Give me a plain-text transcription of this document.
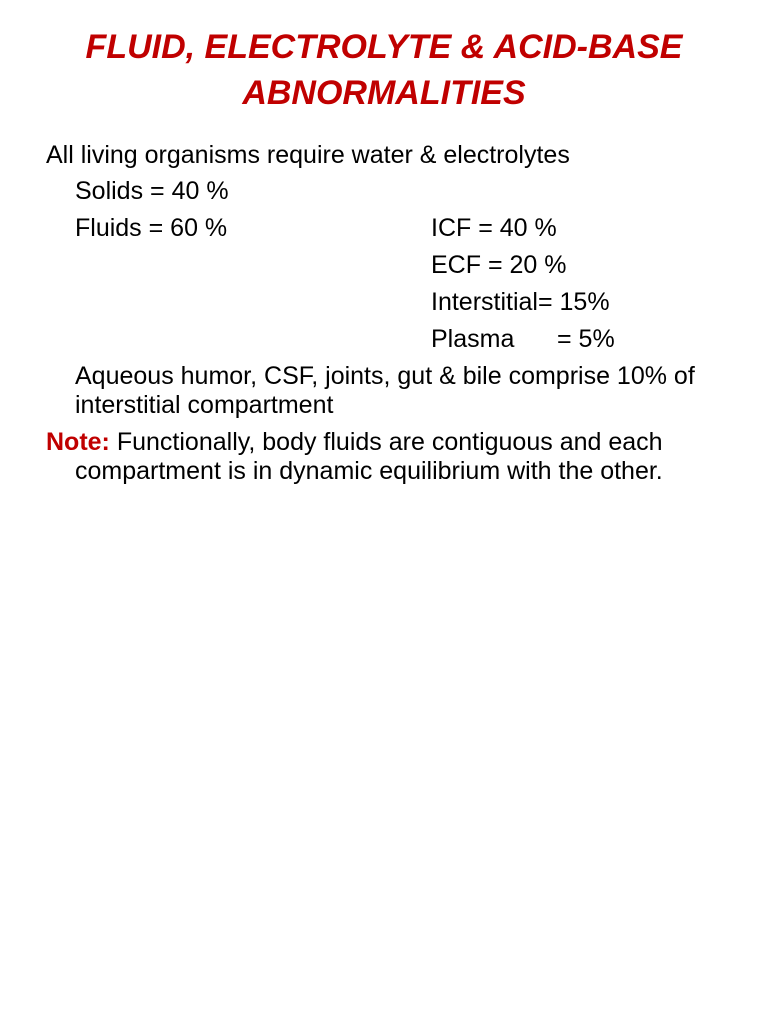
FLUID, ELECTROLYTE & ACID-BASE
ABNORMALITIES
All living organisms require water & electrolytes
Solids = 40 %
Fluids = 60 %	ICF = 40 %
ECF = 20 %
Interstitial= 15%
Plasma = 5%
Aqueous humor, CSF, joints, gut & bile comprise 10% of interstitial compartment
Note: Functionally, body fluids are contiguous and each compartment is in dynamic equilibrium with the other.
